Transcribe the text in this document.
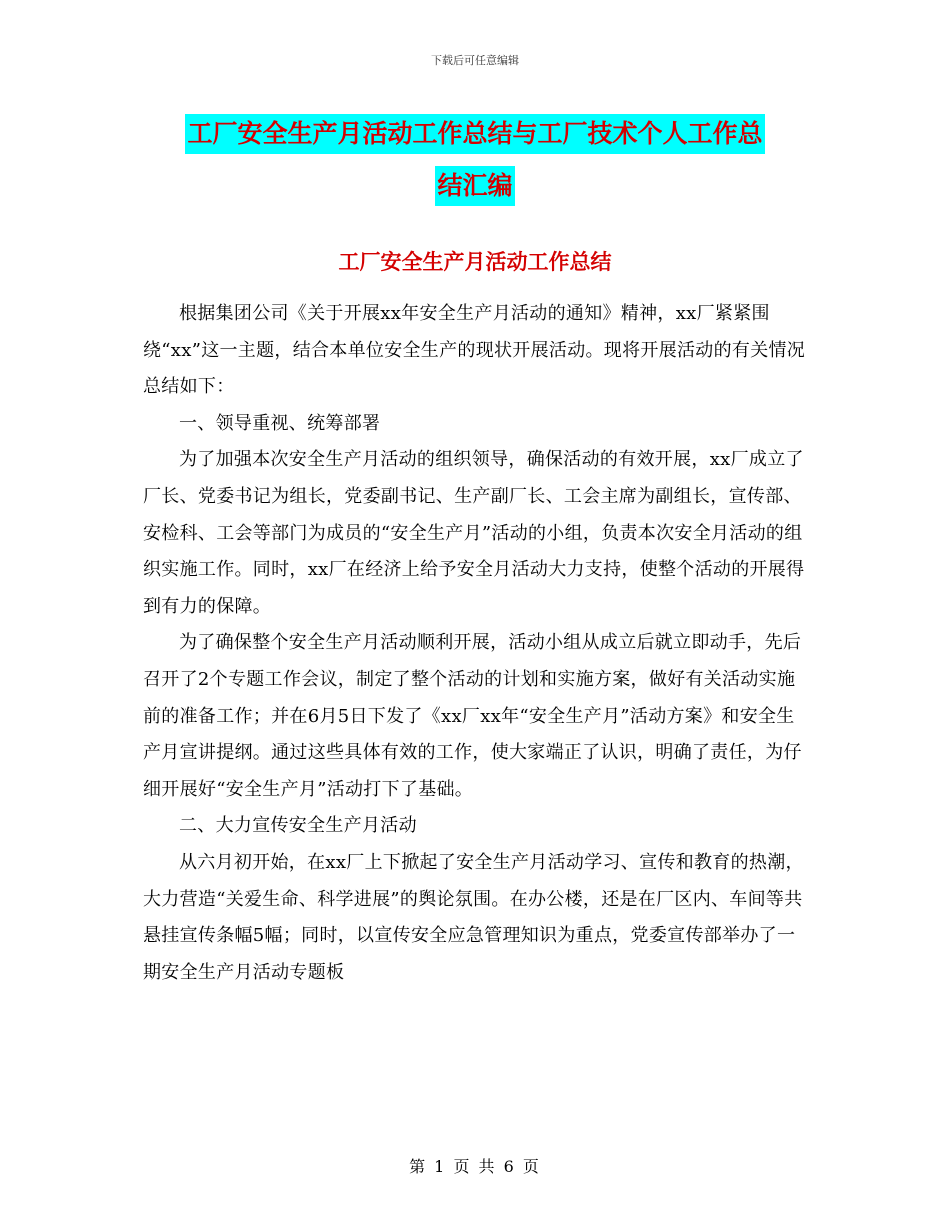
下载后可任意编辑
工厂安全生产月活动工作总结与工厂技术个人工作总
结汇编
工厂安全生产月活动工作总结

根据集团公司《关于开展xx年安全生产月活动的通知》精神，xx厂紧紧围绕“xx”这一主题，结合本单位安全生产的现状开展活动。现将开展活动的有关情况总结如下：

一、领导重视、统筹部署

为了加强本次安全生产月活动的组织领导，确保活动的有效开展，xx厂成立了厂长、党委书记为组长，党委副书记、生产副厂长、工会主席为副组长，宣传部、安检科、工会等部门为成员的“安全生产月”活动的小组，负责本次安全月活动的组织实施工作。同时，xx厂在经济上给予安全月活动大力支持，使整个活动的开展得到有力的保障。

为了确保整个安全生产月活动顺利开展，活动小组从成立后就立即动手，先后召开了2个专题工作会议，制定了整个活动的计划和实施方案，做好有关活动实施前的准备工作；并在6月5日下发了《xx厂xx年“安全生产月”活动方案》和安全生产月宣讲提纲。通过这些具体有效的工作，使大家端正了认识，明确了责任，为仔细开展好“安全生产月”活动打下了基础。

二、大力宣传安全生产月活动

从六月初开始，在xx厂上下掀起了安全生产月活动学习、宣传和教育的热潮，大力营造“关爱生命、科学进展”的舆论氛围。在办公楼，还是在厂区内、车间等共悬挂宣传条幅5幅；同时，以宣传安全应急管理知识为重点，党委宣传部举办了一期安全生产月活动专题板

第 1 页 共 6 页
